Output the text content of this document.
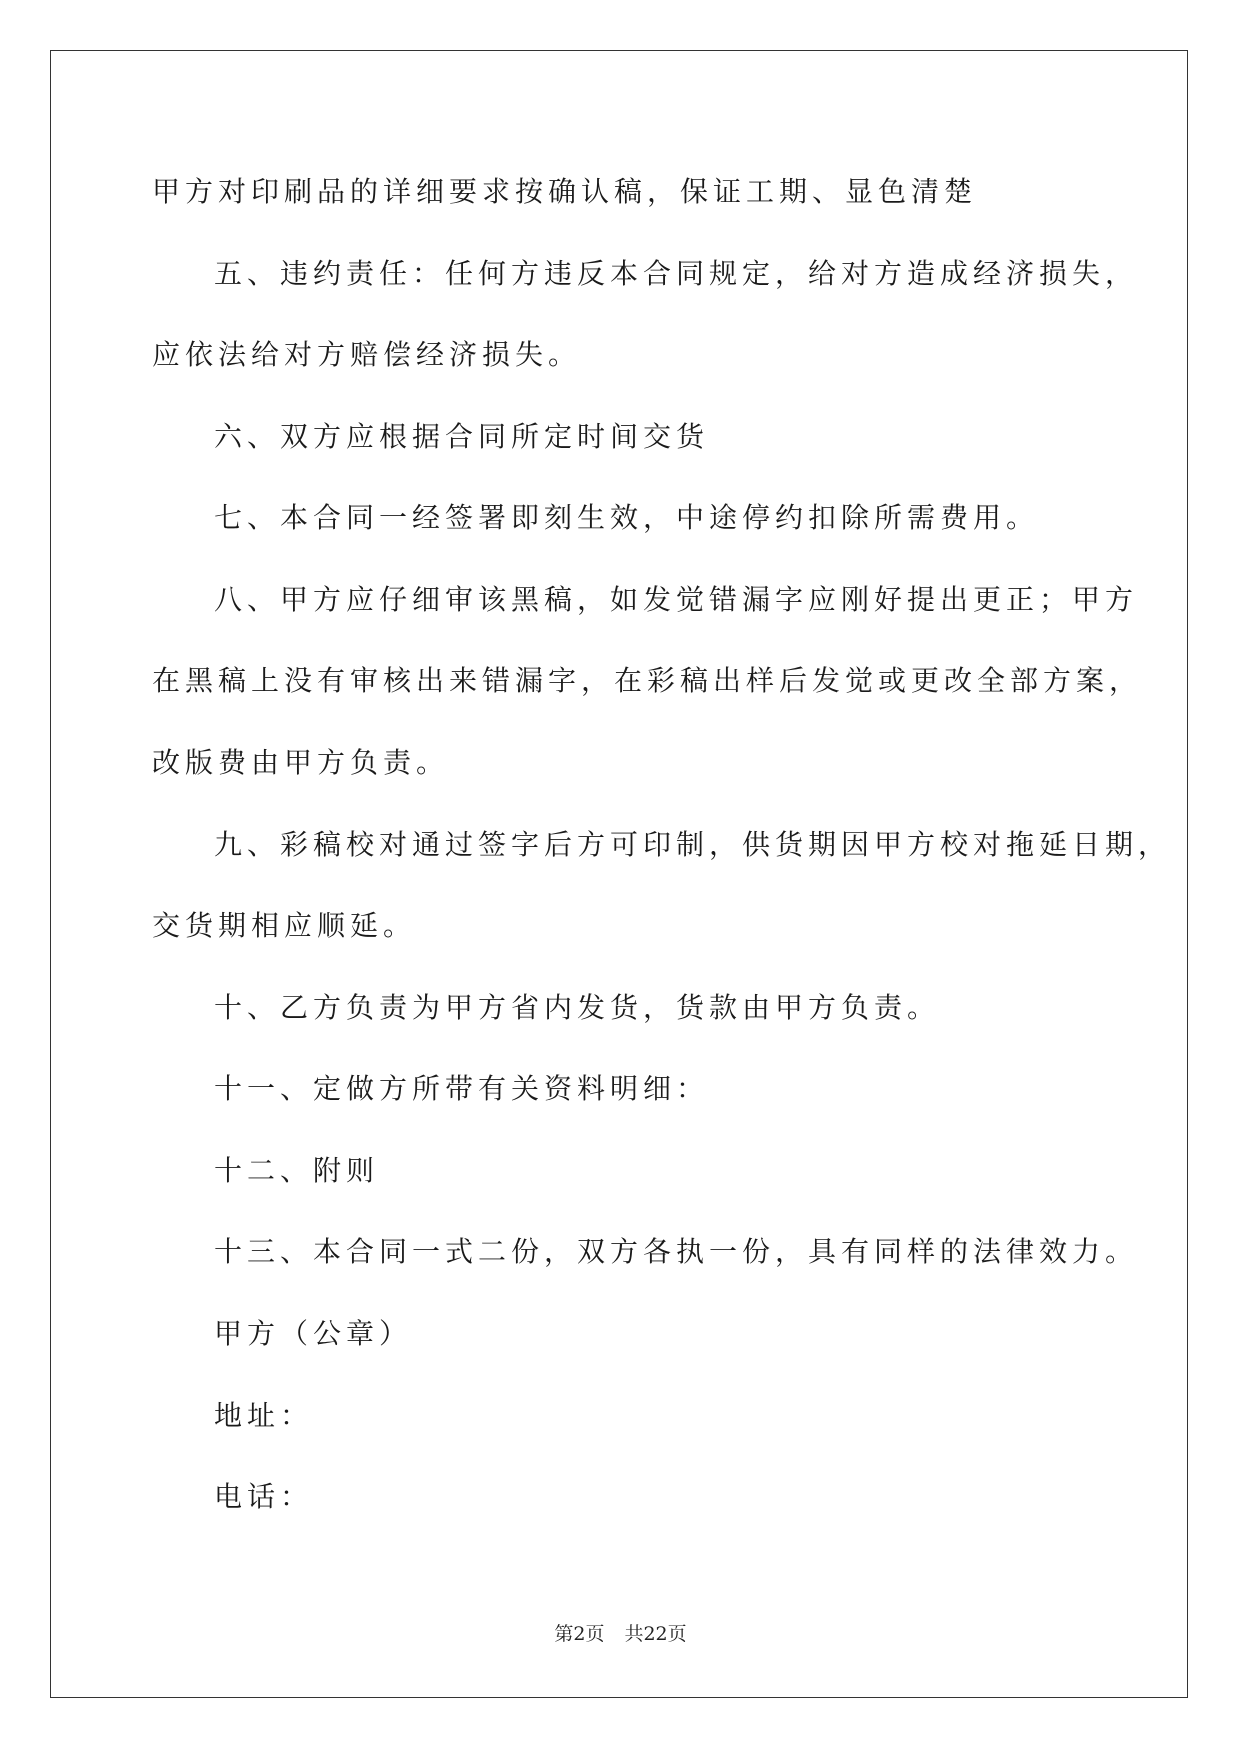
甲方对印刷品的详细要求按确认稿，保证工期、显色清楚
五、违约责任：任何方违反本合同规定，给对方造成经济损失，
应依法给对方赔偿经济损失。
六、双方应根据合同所定时间交货
七、本合同一经签署即刻生效，中途停约扣除所需费用。
八、甲方应仔细审该黑稿，如发觉错漏字应刚好提出更正；甲方
在黑稿上没有审核出来错漏字，在彩稿出样后发觉或更改全部方案，
改版费由甲方负责。
九、彩稿校对通过签字后方可印制，供货期因甲方校对拖延日期，
交货期相应顺延。
十、乙方负责为甲方省内发货，货款由甲方负责。
十一、定做方所带有关资料明细：
十二、附则
十三、本合同一式二份，双方各执一份，具有同样的法律效力。
甲方（公章）
地址：
电话：
第2页 共22页
